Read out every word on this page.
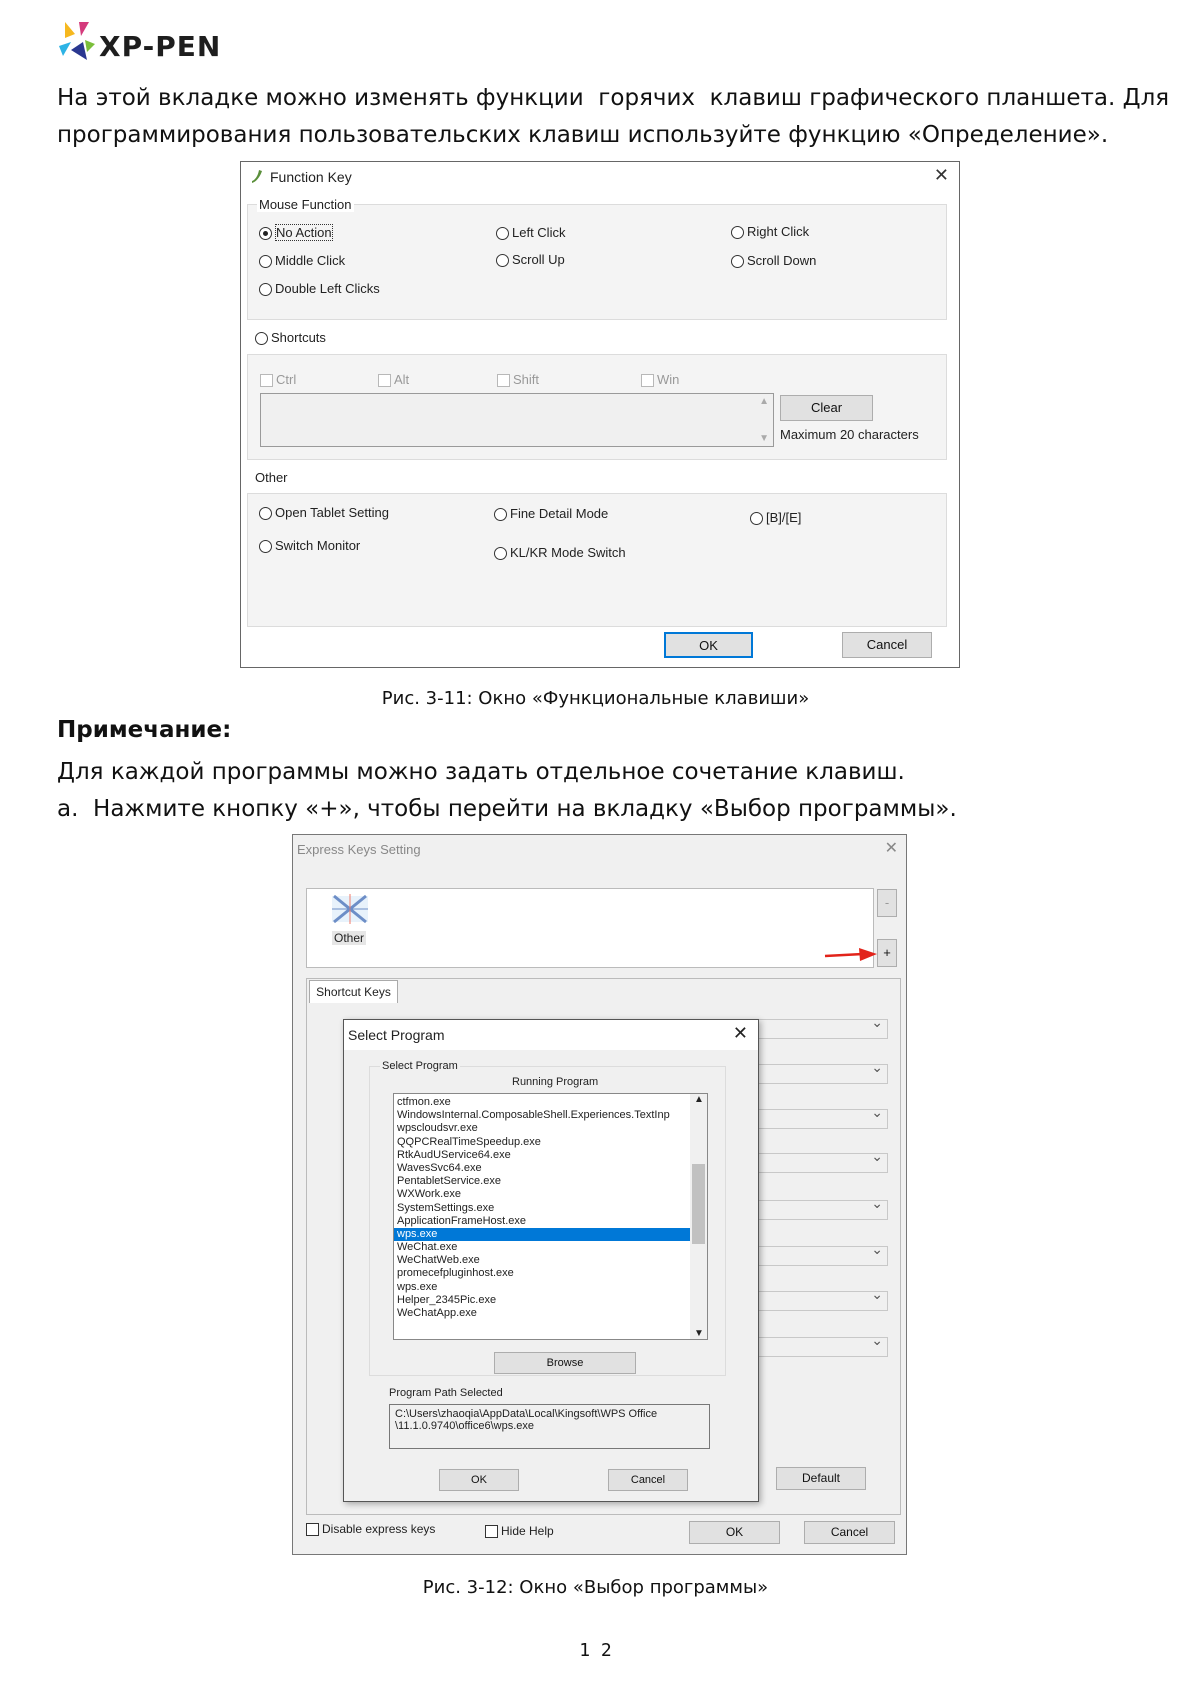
XP-PEN
На этой вкладке можно изменять функции  горячих  клавиш графического планшета. Для
программирования пользовательских клавиш используйте функцию «Определение».
Function Key	✕
Mouse Function
No Action	Left Click	Right Click
Middle Click	Scroll Up	Scroll Down
Double Left Clicks
Shortcuts
Ctrl	Alt	Shift	Win
▲
▼
Clear
Maximum 20 characters
Other
Open Tablet Setting	Fine Detail Mode	[B]/[E]
Switch Monitor	KL/KR Mode Switch
OK	Cancel
Рис. 3-11: Окно «Функциональные клавиши»
Примечание:
Для каждой программы можно задать отдельное сочетание клавиш.
a.  Нажмите кнопку «+», чтобы перейти на вкладку «Выбор программы».
Express Keys Setting	✕
Other
-
+
Shortcut Keys
⌄
⌄
⌄
⌄
⌄
⌄
⌄
⌄
Default
Disable express keys	Hide Help	OK	Cancel
Select Program	✕
Select Program
Running Program
ctfmon.exe
WindowsInternal.ComposableShell.Experiences.TextInp
wpscloudsvr.exe
QQPCRealTimeSpeedup.exe
RtkAudUService64.exe
WavesSvc64.exe
PentabletService.exe
WXWork.exe
SystemSettings.exe
ApplicationFrameHost.exe
wps.exe
WeChat.exe
WeChatWeb.exe
promecefpluginhost.exe
wps.exe
Helper_2345Pic.exe
WeChatApp.exe
▲
▼
Browse
Program Path Selected
C:\Users\zhaoqia\AppData\Local\Kingsoft\WPS Office
\11.1.0.9740\office6\wps.exe
OK	Cancel
Рис. 3-12: Окно «Выбор программы»
1 2
